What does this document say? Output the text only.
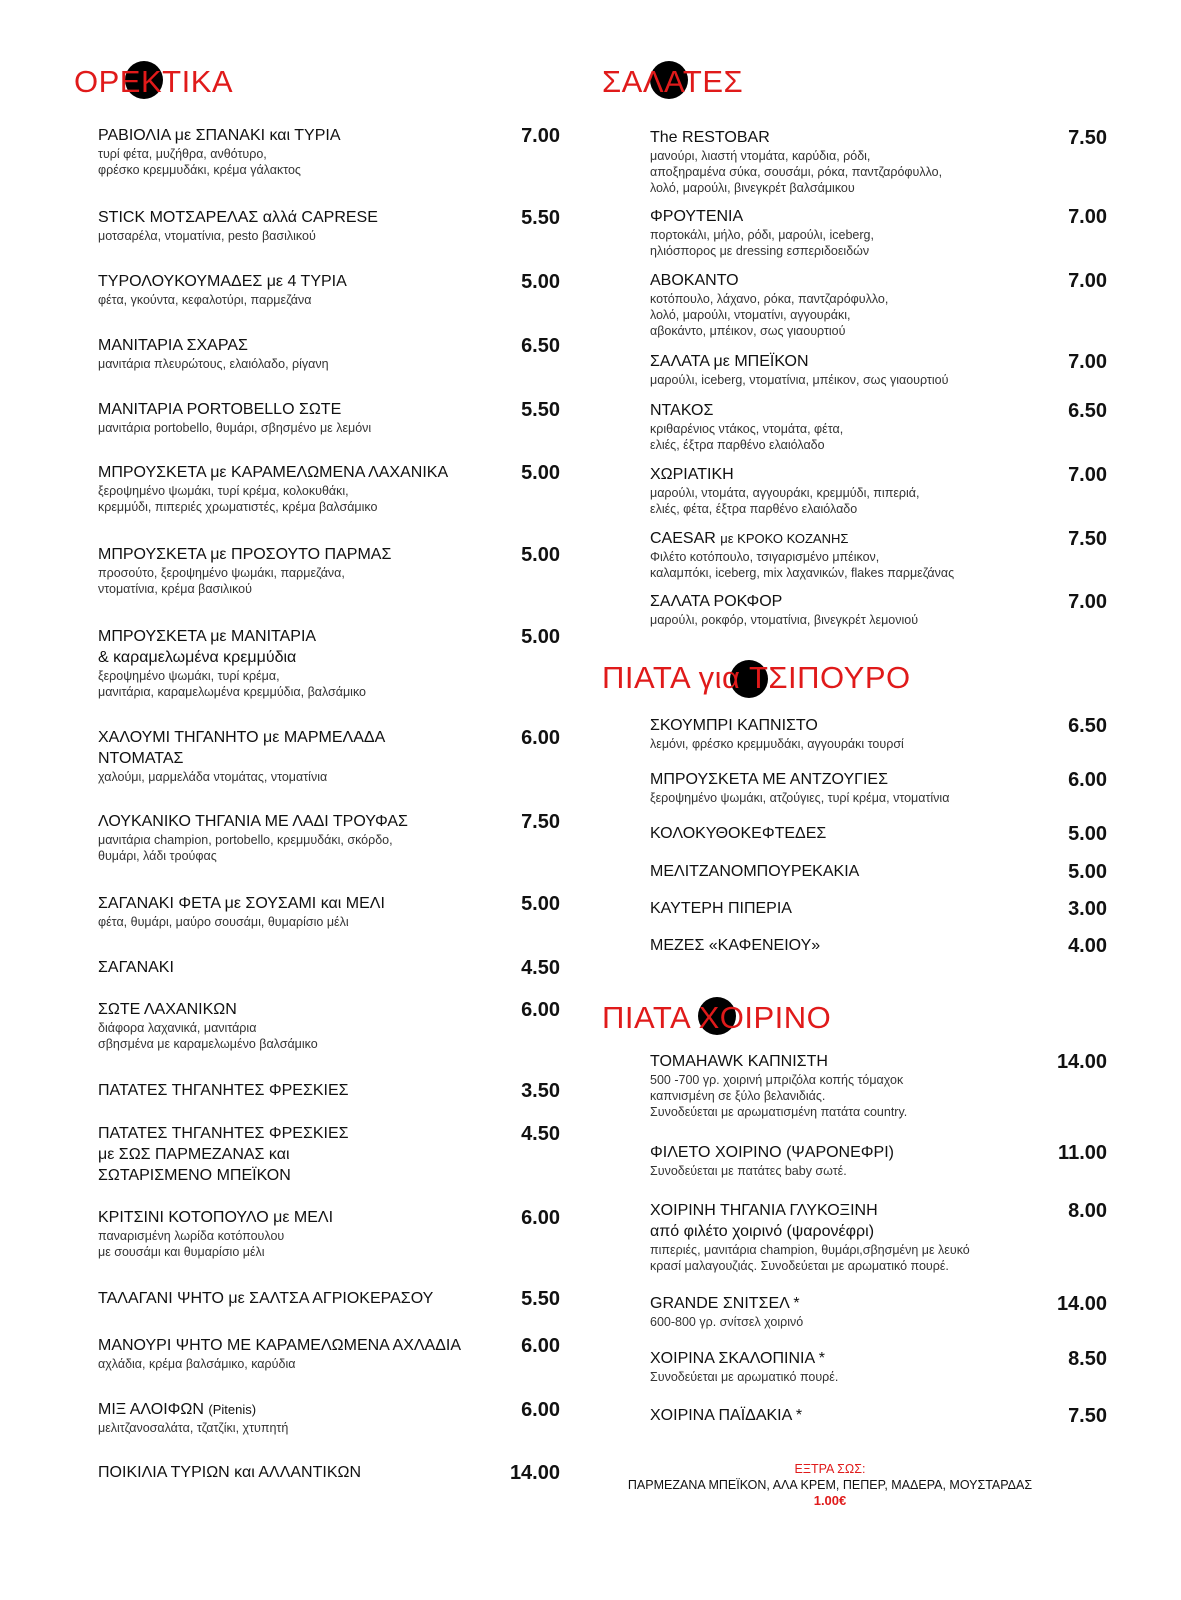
ΟΡΕΚΤΙΚΑ
ΡΑΒΙΟΛΙΑ με ΣΠΑΝΑΚΙ και ΤΥΡΙΑ
τυρί φέτα, μυζήθρα, ανθότυρο,
φρέσκο κρεμμυδάκι, κρέμα γάλακτος
7.00
STICK ΜΟΤΣΑΡΕΛΑΣ αλλά CAPRESE
μοτσαρέλα, ντοματίνια, pesto βασιλικού
5.50
ΤΥΡΟΛΟΥΚΟΥΜΑΔΕΣ με 4 ΤΥΡΙΑ
φέτα, γκούντα, κεφαλοτύρι, παρμεζάνα
5.00
ΜΑΝΙΤΑΡΙΑ ΣΧΑΡΑΣ
μανιτάρια πλευρώτους, ελαιόλαδο, ρίγανη
6.50
ΜΑΝΙΤΑΡΙΑ PORTOBELLO ΣΩΤΕ
μανιτάρια portobello, θυμάρι, σβησμένο με λεμόνι
5.50
ΜΠΡΟΥΣΚΕΤΑ με ΚΑΡΑΜΕΛΩΜΕΝΑ ΛΑΧΑΝΙΚΑ
ξεροψημένο ψωμάκι, τυρί κρέμα, κολοκυθάκι,
κρεμμύδι, πιπεριές χρωματιστές, κρέμα βαλσάμικο
5.00
ΜΠΡΟΥΣΚΕΤΑ με ΠΡΟΣΟΥΤΟ ΠΑΡΜΑΣ
προσούτο, ξεροψημένο ψωμάκι, παρμεζάνα,
ντοματίνια, κρέμα βασιλικού
5.00
ΜΠΡΟΥΣΚΕΤΑ με ΜΑΝΙΤΑΡΙΑ
& καραμελωμένα κρεμμύδια
ξεροψημένο ψωμάκι, τυρί κρέμα,
μανιτάρια, καραμελωμένα κρεμμύδια, βαλσάμικο
5.00
ΧΑΛΟΥΜΙ ΤΗΓΑΝΗΤΟ με ΜΑΡΜΕΛΑΔΑ
ΝΤΟΜΑΤΑΣ
χαλούμι, μαρμελάδα ντομάτας, ντοματίνια
6.00
ΛΟΥΚΑΝΙΚΟ ΤΗΓΑΝΙΑ ΜΕ ΛΑΔΙ ΤΡΟΥΦΑΣ
μανιτάρια champion, portobello, κρεμμυδάκι, σκόρδο,
θυμάρι, λάδι τρούφας
7.50
ΣΑΓΑΝΑΚΙ ΦΕΤΑ με ΣΟΥΣΑΜΙ και ΜΕΛΙ
φέτα, θυμάρι, μαύρο σουσάμι, θυμαρίσιο μέλι
5.00
ΣΑΓΑΝΑΚΙ	4.50
ΣΩΤΕ ΛΑΧΑΝΙΚΩΝ
διάφορα λαχανικά, μανιτάρια
σβησμένα με καραμελωμένο βαλσάμικο
6.00
ΠΑΤΑΤΕΣ ΤΗΓΑΝΗΤΕΣ ΦΡΕΣΚΙΕΣ	3.50
ΠΑΤΑΤΕΣ ΤΗΓΑΝΗΤΕΣ ΦΡΕΣΚΙΕΣ
με ΣΩΣ ΠΑΡΜΕΖΑΝΑΣ και
ΣΩΤΑΡΙΣΜΕΝΟ ΜΠΕΪΚΟΝ
4.50
ΚΡΙΤΣΙΝΙ ΚΟΤΟΠΟΥΛΟ με ΜΕΛΙ
παναρισμένη λωρίδα κοτόπουλου
με σουσάμι και θυμαρίσιο μέλι
6.00
ΤΑΛΑΓΑΝΙ ΨΗΤΟ με ΣΑΛΤΣΑ ΑΓΡΙΟΚΕΡΑΣΟΥ	5.50
ΜΑΝΟΥΡΙ ΨΗΤΟ ΜΕ ΚΑΡΑΜΕΛΩΜΕΝΑ ΑΧΛΑΔΙΑ
αχλάδια, κρέμα βαλσάμικο, καρύδια
6.00
ΜΙΞ ΑΛΟΙΦΩΝ (Pitenis)
μελιτζανοσαλάτα, τζατζίκι, χτυπητή
6.00
ΠΟΙΚΙΛΙΑ ΤΥΡΙΩΝ και ΑΛΛΑΝΤΙΚΩΝ	14.00
ΣΑΛΑΤΕΣ
The RESTOBAR
μανούρι, λιαστή ντομάτα, καρύδια, ρόδι,
αποξηραμένα σύκα, σουσάμι, ρόκα, παντζαρόφυλλο,
λολό, μαρούλι, βινεγκρέτ βαλσάμικου
7.50
ΦΡΟΥΤΕΝΙΑ
πορτοκάλι, μήλο, ρόδι, μαρούλι, iceberg,
ηλιόσπορος με dressing εσπεριδοειδών
7.00
ΑΒΟΚΑΝΤΟ
κοτόπουλο, λάχανο, ρόκα, παντζαρόφυλλο,
λολό, μαρούλι, ντοματίνι, αγγουράκι,
αβοκάντο, μπέικον, σως γιαουρτιού
7.00
ΣΑΛΑΤΑ με ΜΠΕΪΚΟΝ
μαρούλι, iceberg, ντοματίνια, μπέικον, σως γιαουρτιού
7.00
ΝΤΑΚΟΣ
κριθαρένιος ντάκος, ντομάτα, φέτα,
ελιές, έξτρα παρθένο ελαιόλαδο
6.50
ΧΩΡΙΑΤΙΚΗ
μαρούλι, ντομάτα, αγγουράκι, κρεμμύδι, πιπεριά,
ελιές, φέτα, έξτρα παρθένο ελαιόλαδο
7.00
CAESAR με ΚΡΟΚΟ ΚΟΖΑΝΗΣ
Φιλέτο κοτόπουλο, τσιγαρισμένο μπέικον,
καλαμπόκι, iceberg, mix λαχανικών, flakes παρμεζάνας
7.50
ΣΑΛΑΤΑ ΡΟΚΦΟΡ
μαρούλι, ροκφόρ, ντοματίνια, βινεγκρέτ λεμονιού
7.00
ΠΙΑΤΑ για ΤΣΙΠΟΥΡΟ
ΣΚΟΥΜΠΡΙ ΚΑΠΝΙΣΤΟ
λεμόνι, φρέσκο κρεμμυδάκι, αγγουράκι τουρσί
6.50
ΜΠΡΟΥΣΚΕΤΑ ΜΕ ΑΝΤΖΟΥΓΙΕΣ
ξεροψημένο ψωμάκι, ατζούγιες, τυρί κρέμα, ντοματίνια
6.00
ΚΟΛΟΚΥΘΟΚΕΦΤΕΔΕΣ	5.00
ΜΕΛΙΤΖΑΝΟΜΠΟΥΡΕΚΑΚΙΑ	5.00
ΚΑΥΤΕΡΗ ΠΙΠΕΡΙΑ	3.00
ΜΕΖΕΣ «ΚΑΦΕΝΕΙΟΥ»	4.00
ΠΙΑΤΑ ΧΟΙΡΙΝΟ
TOMAHAWK ΚΑΠΝΙΣΤΗ
500 -700 γρ. χοιρινή μπριζόλα κοπής τόμαχοκ
καπνισμένη σε ξύλο βελανιδιάς.
Συνοδεύεται με αρωματισμένη πατάτα country.
14.00
ΦΙΛΕΤΟ ΧΟΙΡΙΝΟ (ΨΑΡΟΝΕΦΡΙ)
Συνοδεύεται με πατάτες baby σωτέ.
11.00
ΧΟΙΡΙΝΗ ΤΗΓΑΝΙΑ ΓΛΥΚΟΞΙΝΗ
από φιλέτο χοιρινό (ψαρονέφρι)
πιπεριές, μανιτάρια champion, θυμάρι,σβησμένη με λευκό
κρασί μαλαγουζιάς. Συνοδεύεται με αρωματικό πουρέ.
8.00
GRANDE ΣΝΙΤΣΕΛ *
600-800 γρ. σνίτσελ χοιρινό
14.00
ΧΟΙΡΙΝΑ ΣΚΑΛΟΠΙΝΙΑ *
Συνοδεύεται με αρωματικό πουρέ.
8.50
ΧΟΙΡΙΝΑ ΠΑΪΔΑΚΙΑ *	7.50
ΕΞΤΡΑ ΣΩΣ:
ΠΑΡΜΕΖΑΝΑ ΜΠΕΪΚΟΝ, ΑΛΑ ΚΡΕΜ, ΠΕΠΕΡ, ΜΑΔΕΡΑ, ΜΟΥΣΤΑΡΔΑΣ
1.00€
